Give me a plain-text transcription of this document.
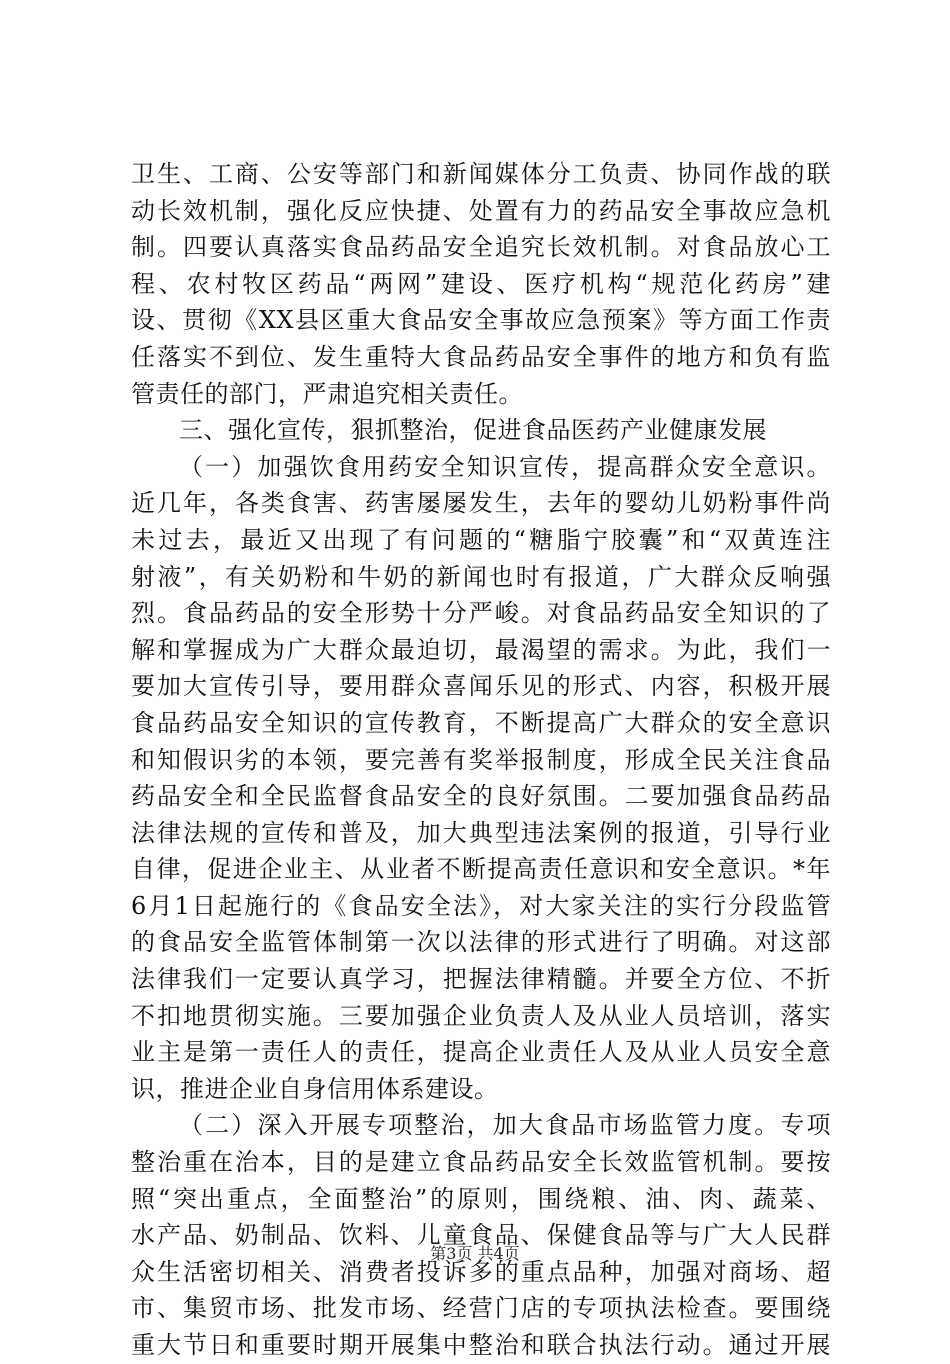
卫生、工商、公安等部门和新闻媒体分工负责、协同作战的联
动长效机制，强化反应快捷、处置有力的药品安全事故应急机
制。四要认真落实食品药品安全追究长效机制。对食品放心工
程、农村牧区药品“两网”建设、医疗机构“规范化药房”建
设、贯彻《XX县区重大食品安全事故应急预案》等方面工作责
任落实不到位、发生重特大食品药品安全事件的地方和负有监
管责任的部门，严肃追究相关责任。
三、强化宣传，狠抓整治，促进食品医药产业健康发展
（一）加强饮食用药安全知识宣传，提高群众安全意识。
近几年，各类食害、药害屡屡发生，去年的婴幼儿奶粉事件尚
未过去，最近又出现了有问题的“糖脂宁胶囊”和“双黄连注
射液”，有关奶粉和牛奶的新闻也时有报道，广大群众反响强
烈。食品药品的安全形势十分严峻。对食品药品安全知识的了
解和掌握成为广大群众最迫切，最渴望的需求。为此，我们一
要加大宣传引导，要用群众喜闻乐见的形式、内容，积极开展
食品药品安全知识的宣传教育，不断提高广大群众的安全意识
和知假识劣的本领，要完善有奖举报制度，形成全民关注食品
药品安全和全民监督食品安全的良好氛围。二要加强食品药品
法律法规的宣传和普及，加大典型违法案例的报道，引导行业
自律，促进企业主、从业者不断提高责任意识和安全意识。*年
6月1日起施行的《食品安全法》，对大家关注的实行分段监管
的食品安全监管体制第一次以法律的形式进行了明确。对这部
法律我们一定要认真学习，把握法律精髓。并要全方位、不折
不扣地贯彻实施。三要加强企业负责人及从业人员培训，落实
业主是第一责任人的责任，提高企业责任人及从业人员安全意
识，推进企业自身信用体系建设。
（二）深入开展专项整治，加大食品市场监管力度。专项
整治重在治本，目的是建立食品药品安全长效监管机制。要按
照“突出重点，全面整治”的原则，围绕粮、油、肉、蔬菜、
水产品、奶制品、饮料、儿童食品、保健食品等与广大人民群
众生活密切相关、消费者投诉多的重点品种，加强对商场、超
市、集贸市场、批发市场、经营门店的专项执法检查。要围绕
重大节日和重要时期开展集中整治和联合执法行动。通过开展
第3页 共4页
